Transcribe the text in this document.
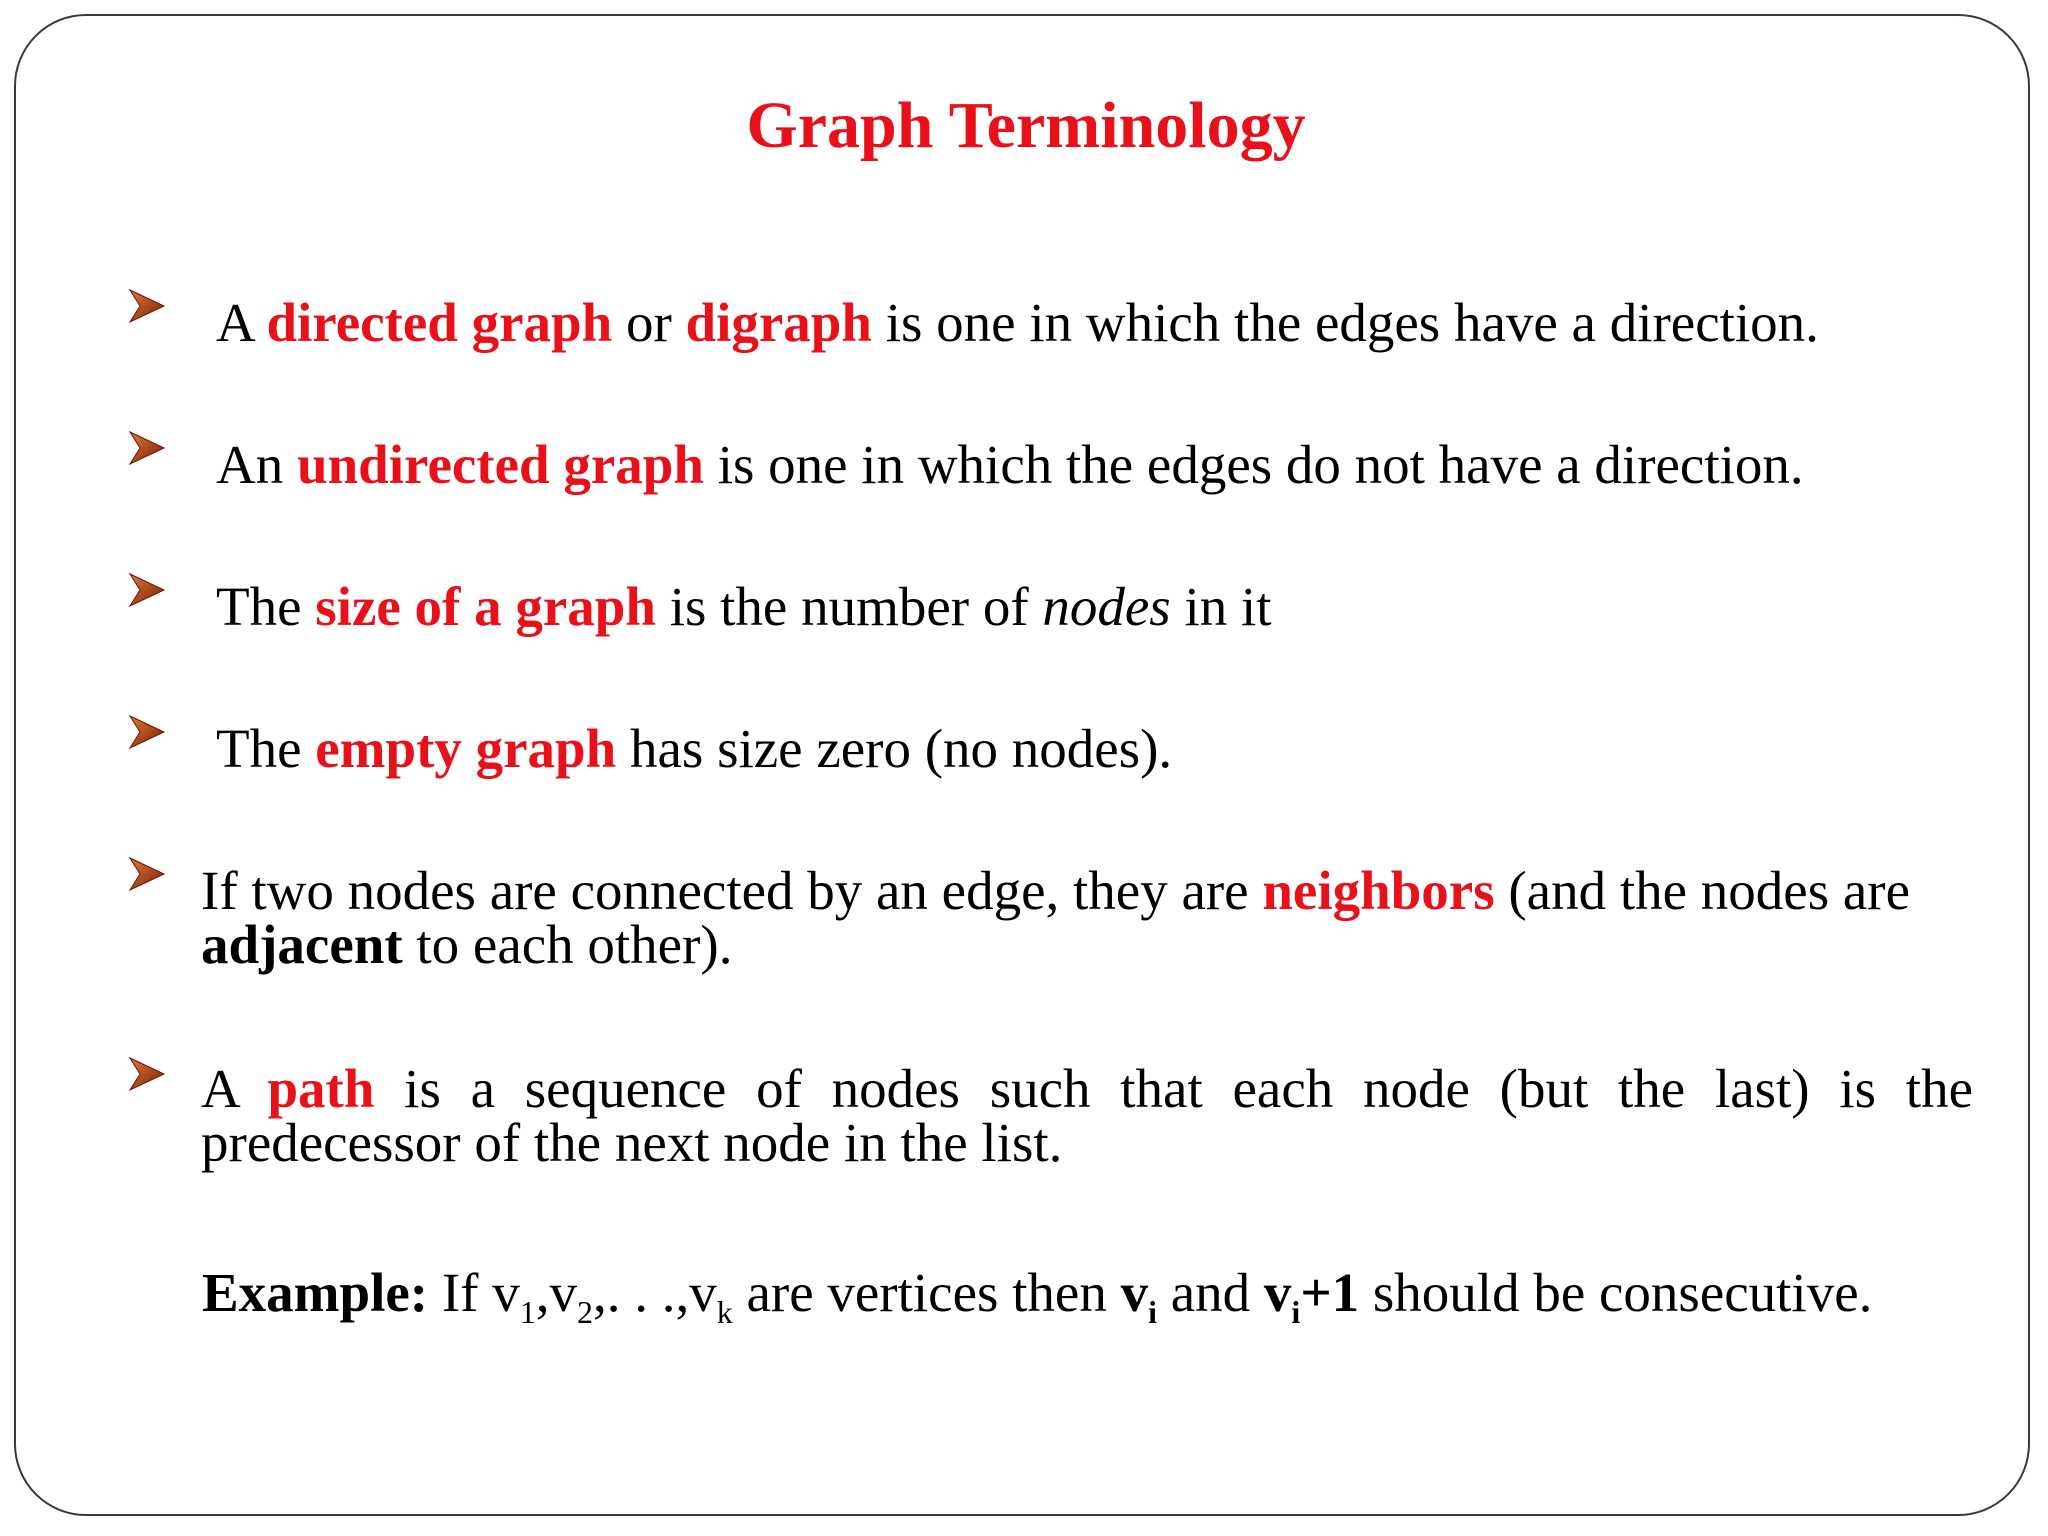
Graph Terminology
A directed graph or digraph is one in which the edges have a direction.
An undirected graph is one in which the edges do not have a direction.
The size of a graph is the number of nodes in it
The empty graph has size zero (no nodes).
If two nodes are connected by an edge, they are neighbors (and the nodes are adjacent to each other).
A path is a sequence of nodes such that each node (but the last) is the predecessor of the next node in the list.
Example: If $v_1,v_2$,. . $.,v_k$ are vertices then $v_i$ and $v_i+1$ should be consecutive.
